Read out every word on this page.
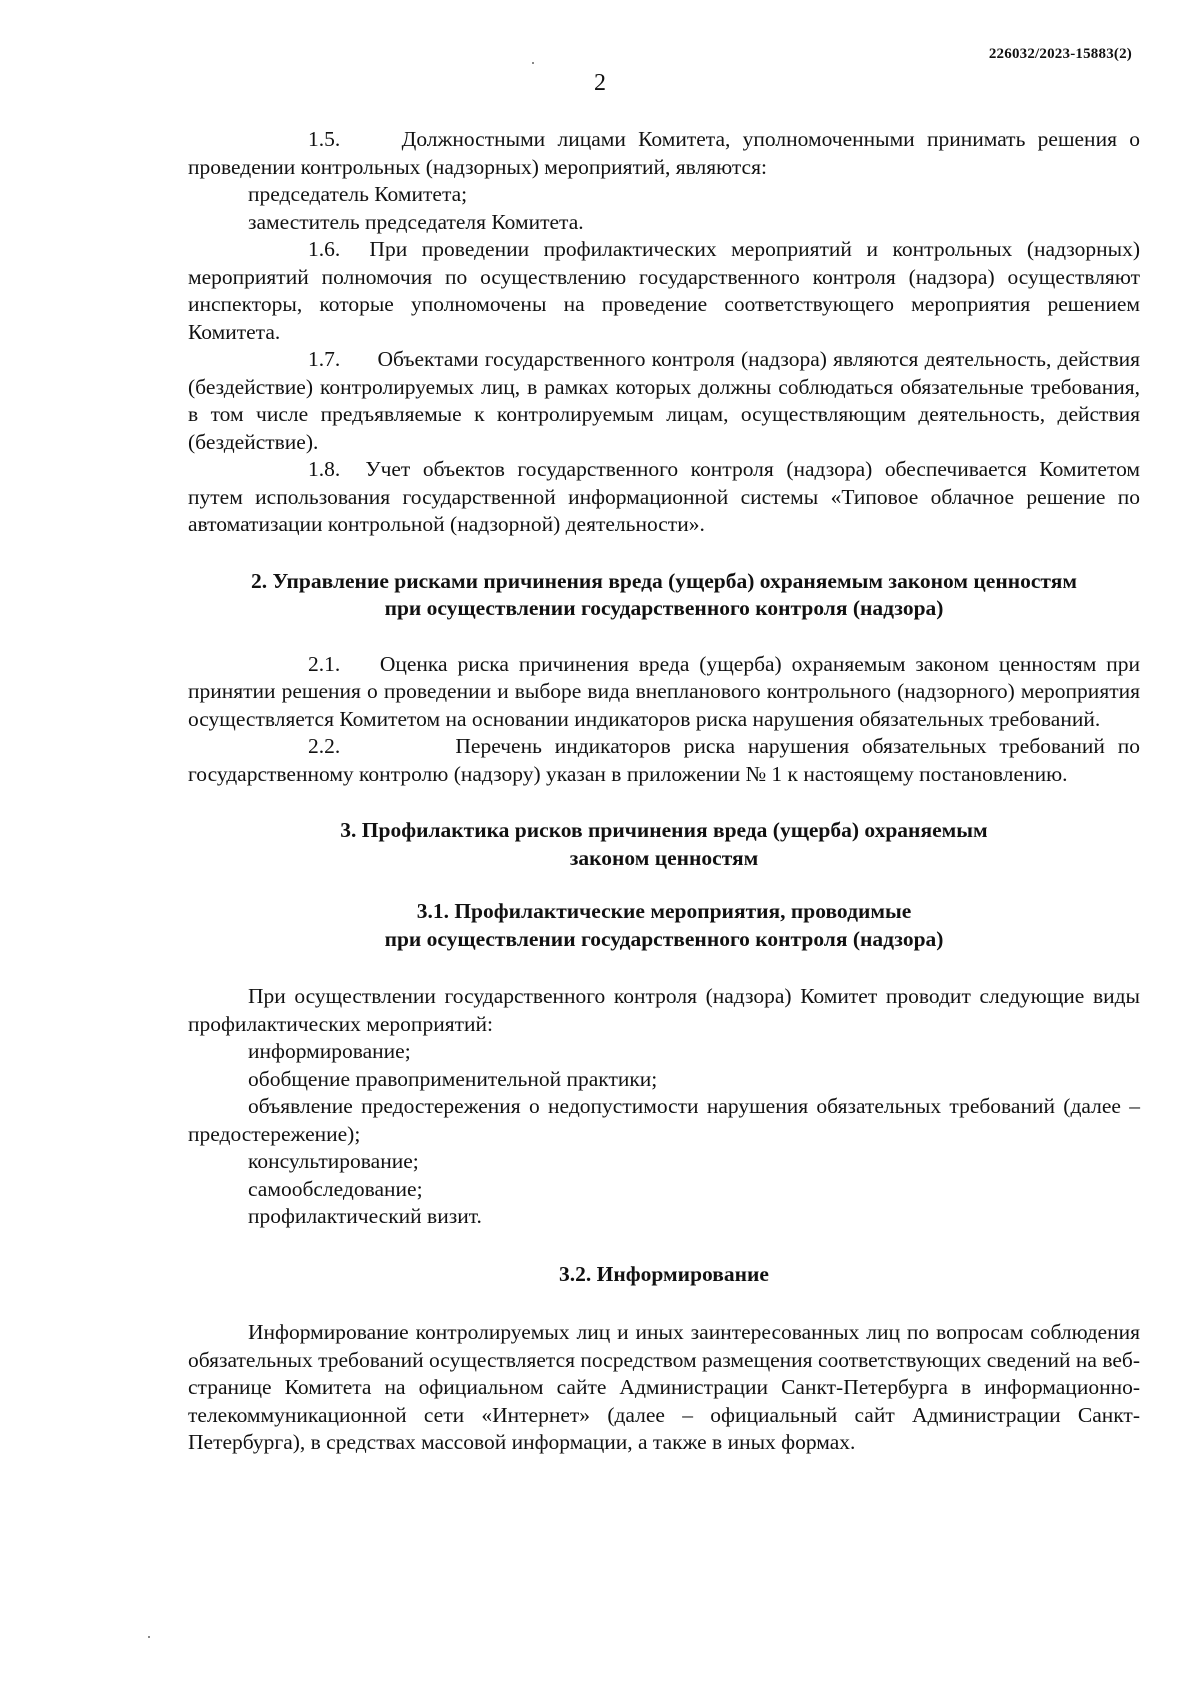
226032/2023-15883(2)
2

1.5.	Должностными лицами Комитета, уполномоченными принимать решения о проведении контрольных (надзорных) мероприятий, являются:

председатель Комитета;

заместитель председателя Комитета.

1.6. При проведении профилактических мероприятий и контрольных (надзорных) мероприятий полномочия по осуществлению государственного контроля (надзора) осуществляют инспекторы, которые уполномочены на проведение соответствующего мероприятия решением Комитета.

1.7. Объектами государственного контроля (надзора) являются деятельность, действия (бездействие) контролируемых лиц, в рамках которых должны соблюдаться обязательные требования, в том числе предъявляемые к контролируемым лицам, осуществляющим деятельность, действия (бездействие).

1.8. Учет объектов государственного контроля (надзора) обеспечивается Комитетом путем использования государственной информационной системы «Типовое облачное решение по автоматизации контрольной (надзорной) деятельности».

2. Управление рисками причинения вреда (ущерба) охраняемым законом ценностям
при осуществлении государственного контроля (надзора)

2.1. Оценка риска причинения вреда (ущерба) охраняемым законом ценностям при принятии решения о проведении и выборе вида внепланового контрольного (надзорного) мероприятия осуществляется Комитетом на основании индикаторов риска нарушения обязательных требований.

2.2.	Перечень индикаторов риска нарушения обязательных требований по государственному контролю (надзору) указан в приложении № 1 к настоящему постановлению.

3. Профилактика рисков причинения вреда (ущерба) охраняемым
законом ценностям
3.1. Профилактические мероприятия, проводимые
при осуществлении государственного контроля (надзора)

При осуществлении государственного контроля (надзора) Комитет проводит следующие виды профилактических мероприятий:

информирование;

обобщение правоприменительной практики;

объявление предостережения о недопустимости нарушения обязательных требований (далее – предостережение);

консультирование;

самообследование;

профилактический визит.

3.2. Информирование

Информирование контролируемых лиц и иных заинтересованных лиц по вопросам соблюдения обязательных требований осуществляется посредством размещения соответствующих сведений на веб-странице Комитета на официальном сайте Администрации Санкт-Петербурга в информационно-телекоммуникационной сети «Интернет» (далее – официальный сайт Администрации Санкт-Петербурга), в средствах массовой информации, а также в иных формах.
